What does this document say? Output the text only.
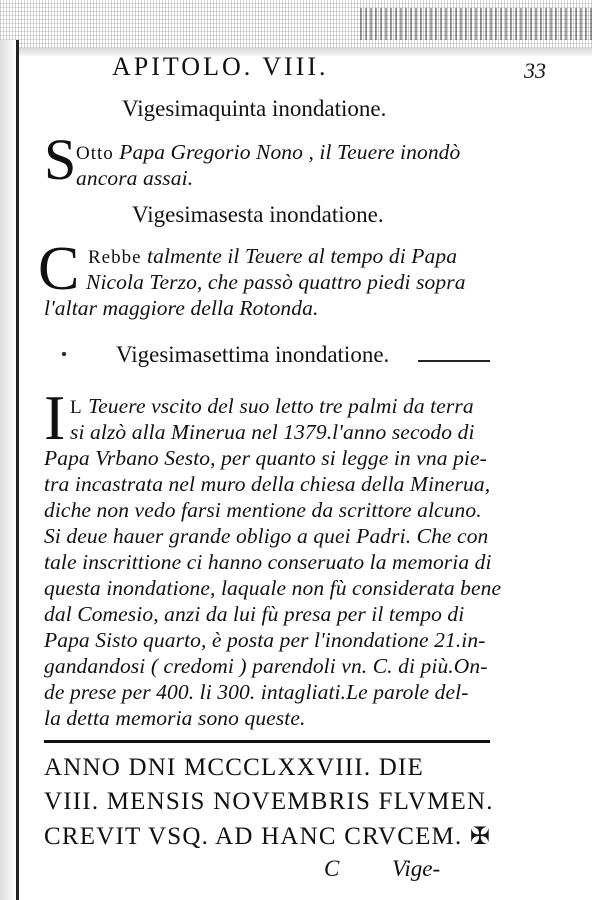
APITOLO. VIII.	33
Vigesimaquinta inondatione.
S Otto Papa Gregorio Nono , il Teuere inondò
ancora assai.
Vigesimasesta inondatione.
C Rebbe talmente il Teuere al tempo di Papa
Nicola Terzo, che passò quattro piedi sopra
l'altar maggiore della Rotonda.
Vigesimasettima inondatione.
I L Teuere vscito del suo letto tre palmi da terra
si alzò alla Mineruа nel 1379.l'anno secodo di
Papa Vrbano Sesto, per quanto si legge in vna pie-
tra incastrata nel muro della chiesa della Minerua,
diche non vedo farsi mentione da scrittore alcuno.
Si deue hauer grande obligo a quei Padri. Che con
tale inscrittione ci hanno conseruato la memoria di
questa inondatione, laquale non fù considerata bene
dal Comesio, anzi da lui fù presa per il tempo di
Papa Sisto quarto, è posta per l'inondatione 21.in-
gandandosi ( credomi ) parendoli vn. C. di più.On-
de prese per 400. li 300. intagliati.Le parole del-
la detta memoria sono queste.
ANNO DNI MCCCLXXVIII. DIE
VIII. MENSIS NOVEMBRIS FLVMEN.
CREVIT VSQ. AD HANC CRVCEM. ✠
C Vige-
